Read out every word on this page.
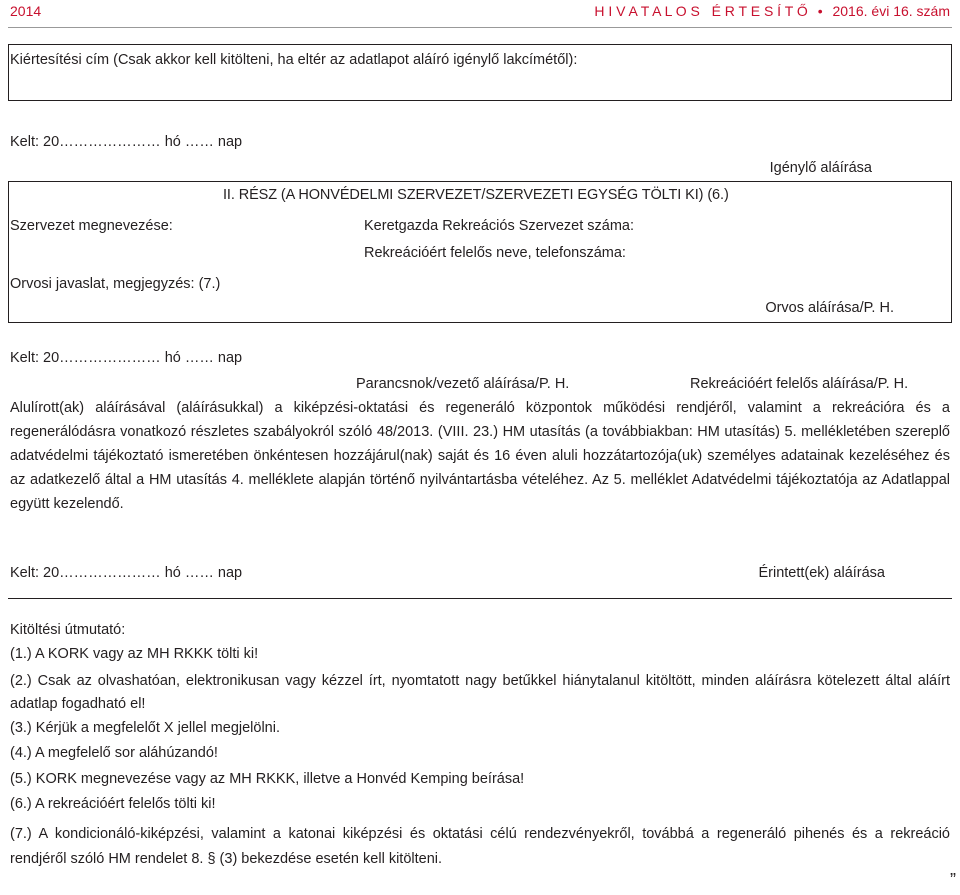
2014	H I V A T A L O S   É R T E S Í T Ő • 2016. évi 16. szám
Kiértesítési cím (Csak akkor kell kitölteni, ha eltér az adatlapot aláíró igénylő lakcímétől):
Kelt: 20………………… hó …… nap
Igénylő aláírása
II. RÉSZ (A HONVÉDELMI SZERVEZET/SZERVEZETI EGYSÉG TÖLTI KI) (6.)
Szervezet megnevezése:	Keretgazda Rekreációs Szervezet száma:
Rekreációért felelős neve, telefonszáma:
Orvosi javaslat, megjegyzés: (7.)
Orvos aláírása/P. H.
Kelt: 20………………… hó …… nap
Parancsnok/vezető aláírása/P. H.	Rekreációért felelős aláírása/P. H.
Alulírott(ak) aláírásával (aláírásukkal) a kiképzési-oktatási és regeneráló központok működési rendjéről, valamint a rekreációra és a regenerálódásra vonatkozó részletes szabályokról szóló 48/2013. (VIII. 23.) HM utasítás (a továbbiakban: HM utasítás) 5. mellékletében szereplő adatvédelmi tájékoztató ismeretében önkéntesen hozzájárul(nak) saját és 16 éven aluli hozzátartozója(uk) személyes adatainak kezeléséhez és az adatkezelő által a HM utasítás 4. melléklete alapján történő nyilvántartásba vételéhez. Az 5. melléklet Adatvédelmi tájékoztatója az Adatlappal együtt kezelendő.
Kelt: 20………………… hó …… nap	Érintett(ek) aláírása
Kitöltési útmutató:
(1.) A KORK vagy az MH RKKK tölti ki!
(2.) Csak az olvashatóan, elektronikusan vagy kézzel írt, nyomtatott nagy betűkkel hiánytalanul kitöltött, minden aláírásra kötelezett által aláírt adatlap fogadható el!
(3.) Kérjük a megfelelőt X jellel megjelölni.
(4.) A megfelelő sor aláhúzandó!
(5.) KORK megnevezése vagy az MH RKKK, illetve a Honvéd Kemping beírása!
(6.) A rekreációért felelős tölti ki!
(7.) A kondicionáló-kiképzési, valamint a katonai kiképzési és oktatási célú rendezvényekről, továbbá a regeneráló pihenés és a rekreáció rendjéről szóló HM rendelet 8. § (3) bekezdése esetén kell kitölteni.
”
